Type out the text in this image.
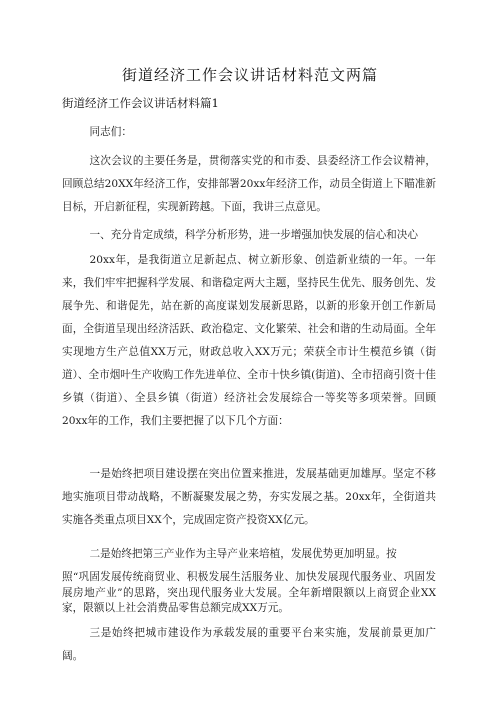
街道经济工作会议讲话材料范文两篇
街道经济工作会议讲话材料篇1
同志们：
这次会议的主要任务是，贯彻落实党的和市委、县委经济工作会议精神，回顾总结20XX年经济工作，安排部署20xx年经济工作，动员全街道上下瞄准新目标，开启新征程，实现新跨越。下面，我讲三点意见。
一、充分肯定成绩，科学分析形势，进一步增强加快发展的信心和决心
20xx年，是我街道立足新起点、树立新形象、创造新业绩的一年。一年来，我们牢牢把握科学发展、和谐稳定两大主题，坚持民生优先、服务创先、发展争先、和谐促先，站在新的高度谋划发展新思路，以新的形象开创工作新局面，全街道呈现出经济活跃、政治稳定、文化繁荣、社会和谐的生动局面。全年实现地方生产总值XX万元，财政总收入XX万元；荣获全市计生模范乡镇（街道）、全市烟叶生产收购工作先进单位、全市十快乡镇(街道)、全市招商引资十佳乡镇（街道）、全县乡镇（街道）经济社会发展综合一等奖等多项荣誉。回顾20xx年的工作，我们主要把握了以下几个方面：
一是始终把项目建设摆在突出位置来推进，发展基础更加雄厚。坚定不移地实施项目带动战略，不断凝聚发展之势，夯实发展之基。20xx年，全街道共实施各类重点项目XX个，完成固定资产投资XX亿元。
二是始终把第三产业作为主导产业来培植，发展优势更加明显。按
照“巩固发展传统商贸业、积极发展生活服务业、加快发展现代服务业、巩固发展房地产业”的思路，突出现代服务业大发展。全年新增限额以上商贸企业XX家，限额以上社会消费品零售总额完成XX万元。
三是始终把城市建设作为承载发展的重要平台来实施，发展前景更加广阔。
